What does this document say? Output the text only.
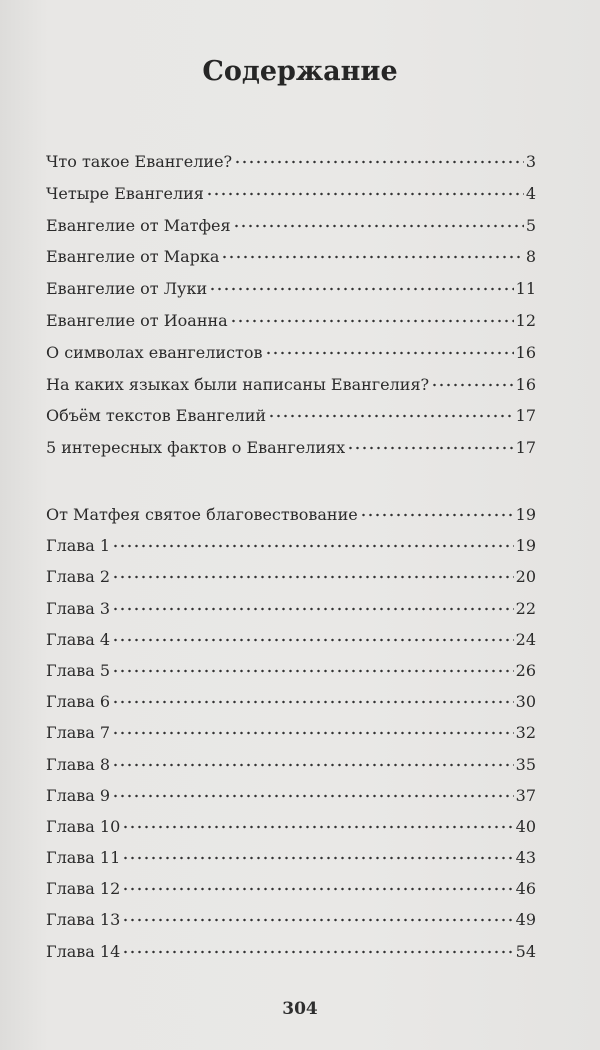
Содержание
Что такое Евангелие?	3
Четыре Евангелия	4
Евангелие от Матфея	5
Евангелие от Марка	8
Евангелие от Луки	11
Евангелие от Иоанна	12
О символах евангелистов	16
На каких языках были написаны Евангелия?	16
Объём текстов Евангелий	17
5 интересных фактов о Евангелиях	17
От Матфея святое благовествование	19
Глава 1	19
Глава 2	20
Глава 3	22
Глава 4	24
Глава 5	26
Глава 6	30
Глава 7	32
Глава 8	35
Глава 9	37
Глава 10	40
Глава 11	43
Глава 12	46
Глава 13	49
Глава 14	54
304
